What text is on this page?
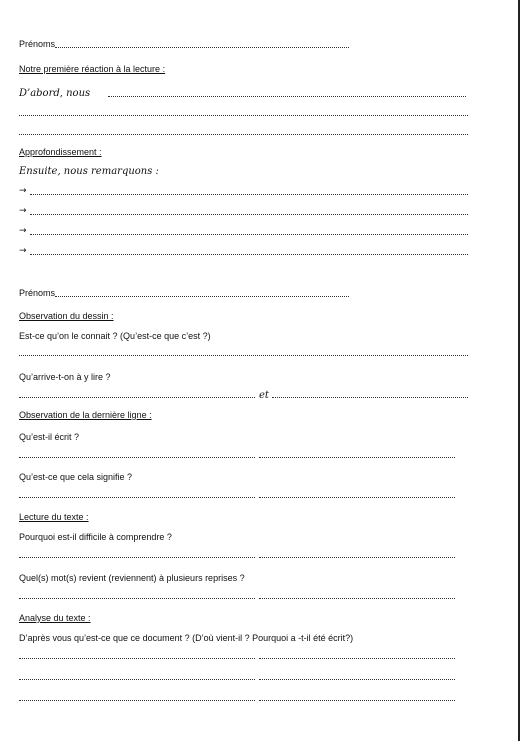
Prénoms
Notre première réaction à la lecture :
D’abord, nous
Approfondissement :
Ensuite, nous remarquons :
→
→
→
→
Prénoms
Observation du dessin :
Est-ce qu’on le connait ? (Qu’est-ce que c’est ?)
Qu’arrive-t-on à y lire ?
et
Observation de la dernière ligne :
Qu’est-il écrit ?
Qu’est-ce que cela signifie ?
Lecture du texte :
Pourquoi est-il difficile à comprendre ?
Quel(s) mot(s) revient (reviennent) à plusieurs reprises ?
Analyse du texte :
D’après vous qu’est-ce que ce document ? (D’où vient-il ? Pourquoi a -t-il été écrit?)
